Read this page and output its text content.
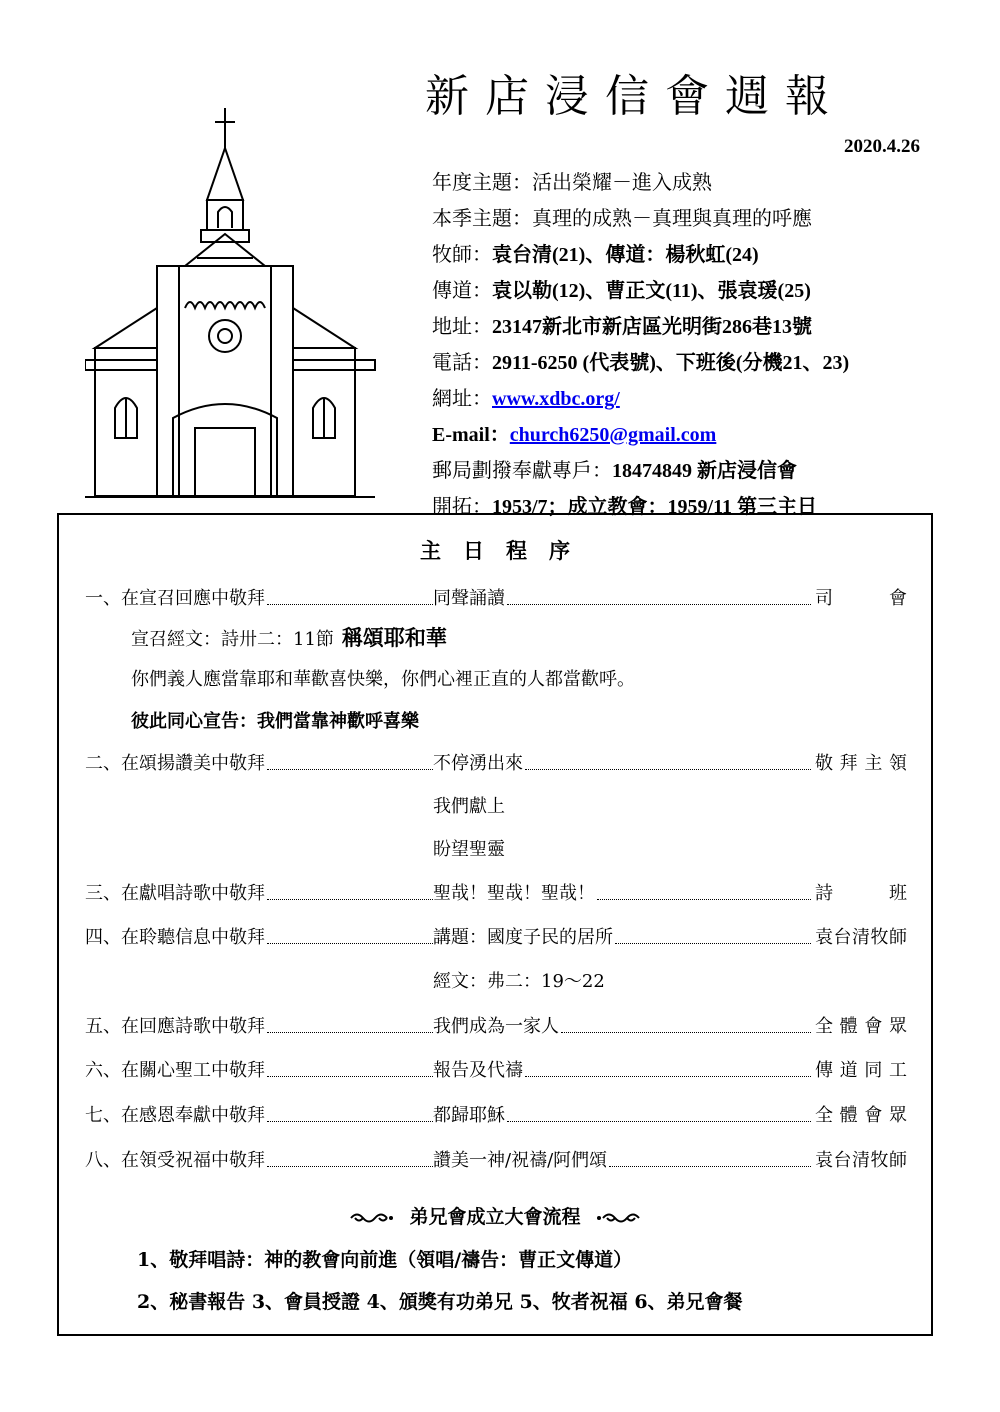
新店浸信會週報
2020.4.26
年度主題：活出榮耀－進入成熟
本季主題：真理的成熟－真理與真理的呼應
牧師：袁台清(21)、傳道：楊秋虹(24)
傳道：袁以勒(12)、曹正文(11)、張袁瑗(25)
地址：23147新北市新店區光明街286巷13號
電話：2911-6250 (代表號)、下班後(分機21、23)
網址：www.xdbc.org/
E-mail：church6250@gmail.com
郵局劃撥奉獻專戶：18474849 新店浸信會
開拓：1953/7；成立教會：1959/11 第三主日
主日程序
一、在宣召回應中敬拜	同聲誦讀	司會
宣召經文：詩卅二：11節 稱頌耶和華
你們義人應當靠耶和華歡喜快樂，你們心裡正直的人都當歡呼。
彼此同心宣告：我們當靠神歡呼喜樂
二、在頌揚讚美中敬拜	不停湧出來	敬拜主領
我們獻上
盼望聖靈
三、在獻唱詩歌中敬拜	聖哉！聖哉！聖哉！	詩班
四、在聆聽信息中敬拜	講題：國度子民的居所	袁台清牧師
經文：弗二：19～22
五、在回應詩歌中敬拜	我們成為一家人	全體會眾
六、在關心聖工中敬拜	報告及代禱	傳道同工
七、在感恩奉獻中敬拜	都歸耶穌	全體會眾
八、在領受祝福中敬拜	讚美一神/祝禱/阿們頌	袁台清牧師
弟兄會成立大會流程
1、敬拜唱詩：神的教會向前進（領唱/禱告：曹正文傳道）
2、秘書報告 3、會員授證 4、頒獎有功弟兄 5、牧者祝福 6、弟兄會餐
